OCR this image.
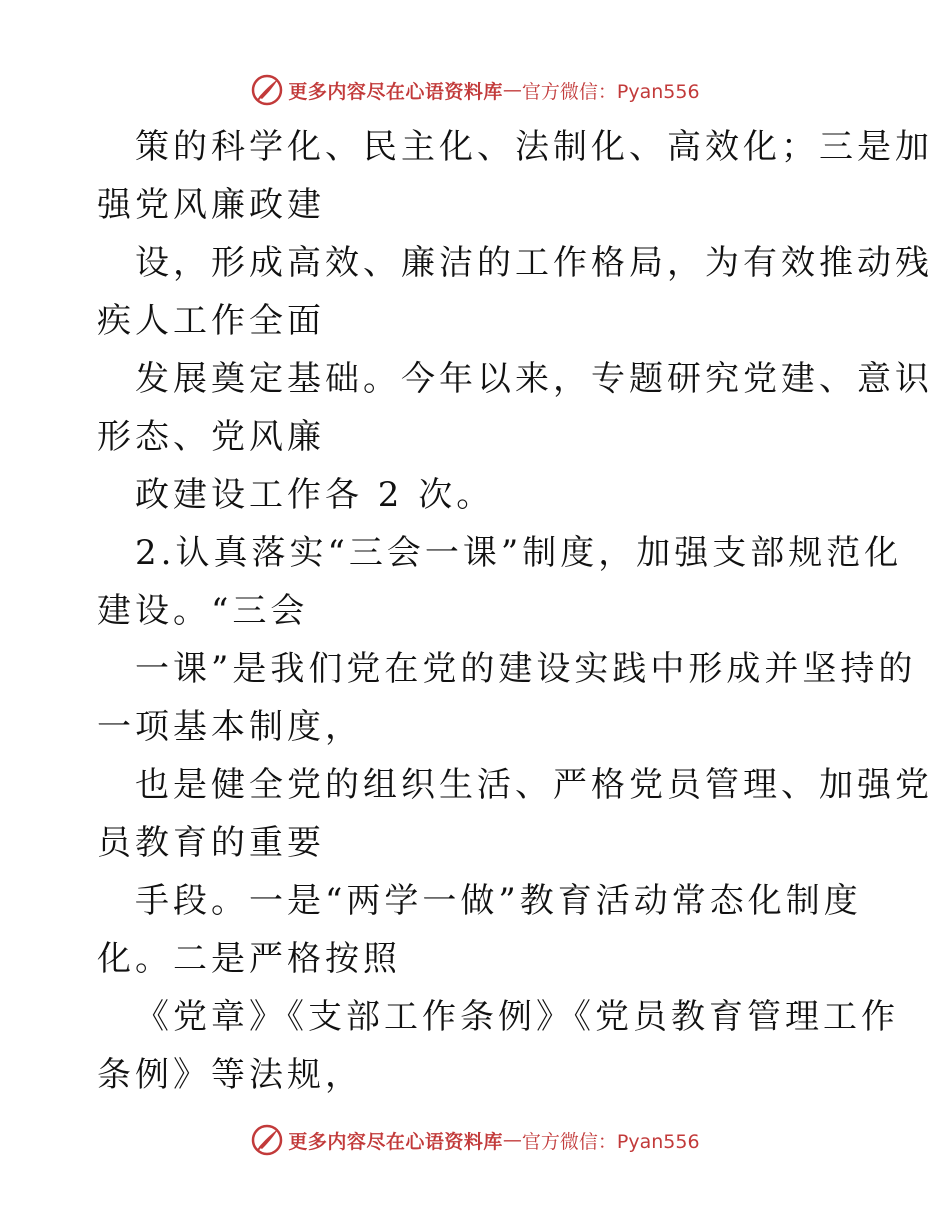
更多内容尽在心语资料库 — 官方微信：Pyan556
策的科学化、民主化、法制化、高效化；三是加
强党风廉政建
设，形成高效、廉洁的工作格局，为有效推动残
疾人工作全面
发展奠定基础。今年以来，专题研究党建、意识
形态、党风廉
政建设工作各 2 次。
2.认真落实“三会一课”制度，加强支部规范化
建设。“三会
一课”是我们党在党的建设实践中形成并坚持的
一项基本制度，
也是健全党的组织生活、严格党员管理、加强党
员教育的重要
手段。一是“两学一做”教育活动常态化制度
化。二是严格按照
《党章》《支部工作条例》《党员教育管理工作
条例》等法规，
更多内容尽在心语资料库 — 官方微信：Pyan556
